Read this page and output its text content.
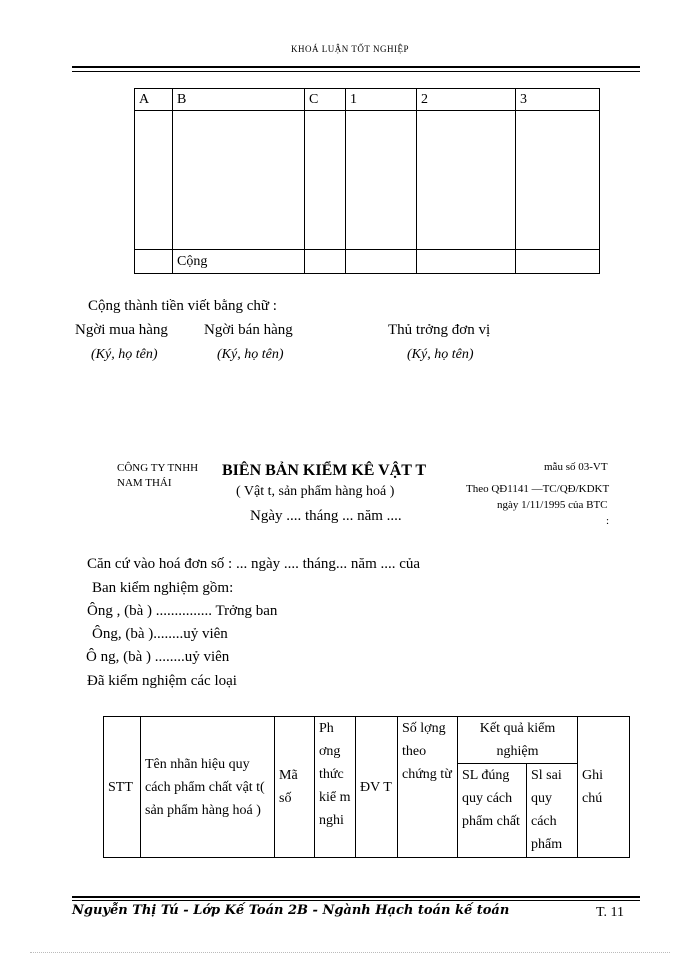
KHOÁ LUẬN TỐT NGHIỆP
A	B	C	1	2	3

	Cộng				
Cộng thành tiền viết bằng chữ :
Ngời mua hàng Ngời bán hàng	Thủ trởng đơn vị
(Ký, họ tên)	(Ký, họ tên)	(Ký, họ tên)
CÔNG TY TNHH
NAM THÁI
BIÊN BẢN KIỂM KÊ VẬT T
( Vật t, sản phẩm hàng hoá )
Ngày .... tháng ... năm ....
mẫu số 03-VT
Theo QĐ1141 —TC/QĐ/KDKT
ngày 1/11/1995 của BTC
:
Căn cứ vào hoá đơn số : ... ngày .... tháng... năm .... của
Ban kiểm nghiệm gồm:
Ông , (bà ) ............... Trởng ban
Ông, (bà )........uỷ viên
Ô ng, (bà ) ........uỷ viên
Đã kiểm nghiệm các loại
STT	Tên nhãn hiệu quy cách phẩm chất vật t( sản phẩm hàng hoá )	Mã số	Ph ơng thức kiể m nghi	ĐV T	Số lợng theo chứng từ	Kết quả kiểm nghiệm		Ghi chú
						SL đúng quy cách phẩm chất	Sl sai quy cách phẩm	
Nguyễn Thị Tú - Lớp Kế Toán 2B - Ngành Hạch toán kế toán	T. 11
